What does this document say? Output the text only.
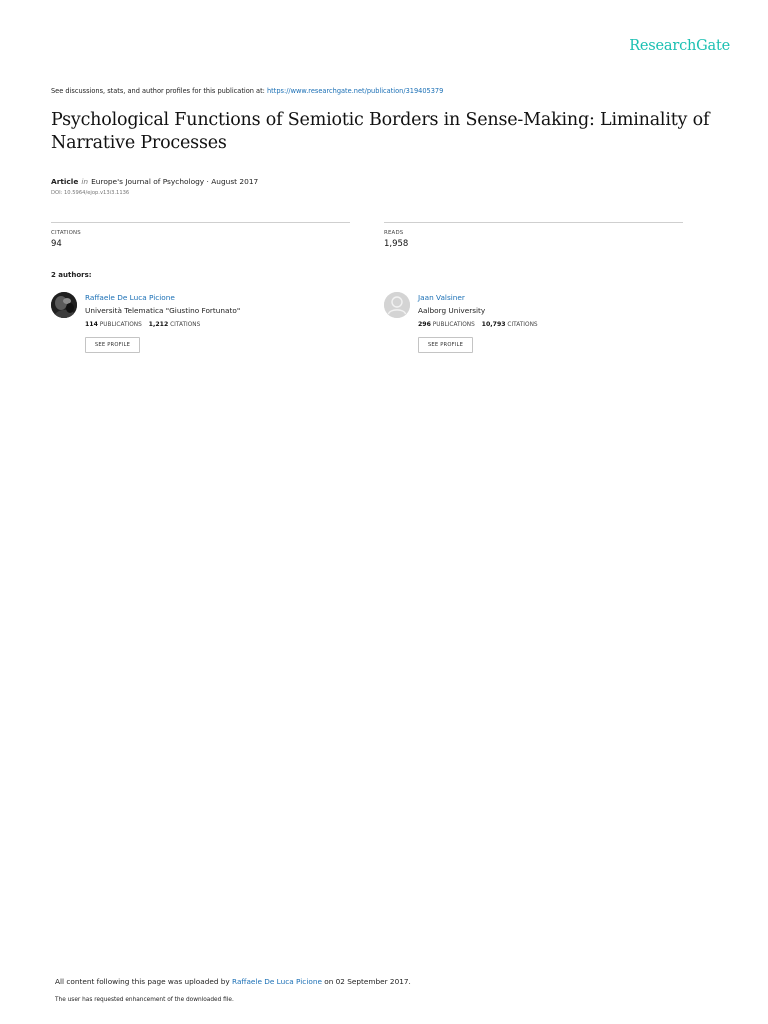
ResearchGate
See discussions, stats, and author profiles for this publication at: https://www.researchgate.net/publication/319405379
Psychological Functions of Semiotic Borders in Sense-Making: Liminality of Narrative Processes
Article in Europe's Journal of Psychology · August 2017
DOI: 10.5964/ejop.v13i3.1136
CITATIONS
94
READS
1,958
2 authors:
Raffaele De Luca Picione
Università Telematica "Giustino Fortunato"
114 PUBLICATIONS 1,212 CITATIONS
SEE PROFILE
Jaan Valsiner
Aalborg University
296 PUBLICATIONS 10,793 CITATIONS
SEE PROFILE
All content following this page was uploaded by Raffaele De Luca Picione on 02 September 2017.
The user has requested enhancement of the downloaded file.
